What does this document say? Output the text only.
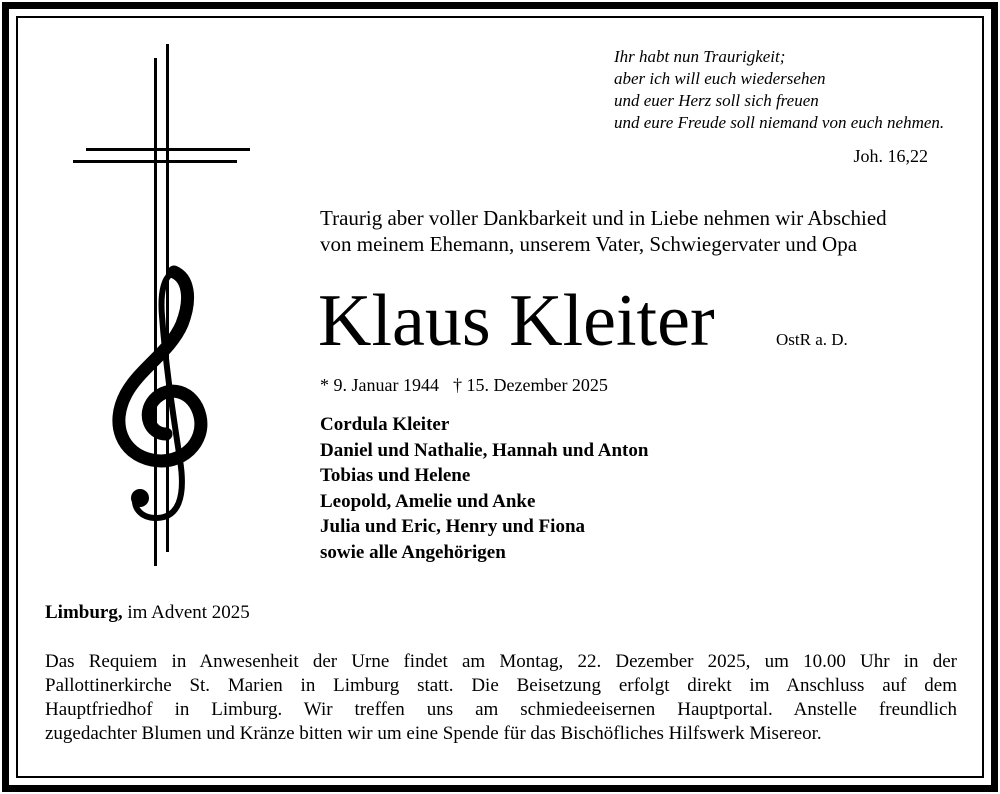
Ihr habt nun Traurigkeit;
aber ich will euch wiedersehen
und euer Herz soll sich freuen
und eure Freude soll niemand von euch nehmen.
Joh. 16,22
Traurig aber voller Dankbarkeit und in Liebe nehmen wir Abschied
von meinem Ehemann, unserem Vater, Schwiegervater und Opa
Klaus Kleiter	OstR a. D.
* 9. Januar 1944 † 15. Dezember 2025
Cordula Kleiter
Daniel und Nathalie, Hannah und Anton
Tobias und Helene
Leopold, Amelie und Anke
Julia und Eric, Henry und Fiona
sowie alle Angehörigen
Limburg, im Advent 2025
Das Requiem in Anwesenheit der Urne findet am Montag, 22. Dezember 2025, um 10.00 Uhr in der
Pallottinerkirche St. Marien in Limburg statt. Die Beisetzung erfolgt direkt im Anschluss auf dem
Hauptfriedhof in Limburg. Wir treffen uns am schmiedeeisernen Hauptportal. Anstelle freundlich
zugedachter Blumen und Kränze bitten wir um eine Spende für das Bischöfliches Hilfswerk Misereor.
